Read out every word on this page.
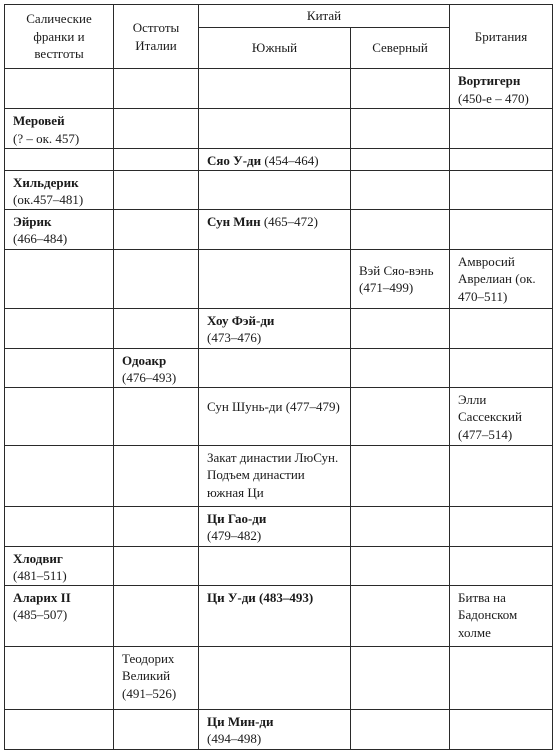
Салические франки и вестготы	Остготы Италии	Китай		Британия
		Южный	Северный	

				Вортигерн
(450-е – 470)

Меровей
(? – ок. 457)				

		Сяо У-ди (454–464)		

Хильдерик
(ок.457–481)				

Эйрик
(466–484)		Сун Мин (465–472)		

			Вэй Сяо-вэнь (471–499)	Амвросий Аврелиан (ок. 470–511)

		Хоу Фэй-ди
(473–476)		

	Одоакр
(476–493)			

		Сун Шунь-ди (477–479)		Элли Сассекский (477–514)

		Закат династии ЛюСун. Подъем династии южная Ци		

		Ци Гао-ди
(479–482)		

Хлодвиг
(481–511)				

Аларих II
(485–507)		Ци У-ди (483–493)		Битва на Бадонском холме

	Теодорих Великий (491–526)			

		Ци Мин-ди
(494–498)		
